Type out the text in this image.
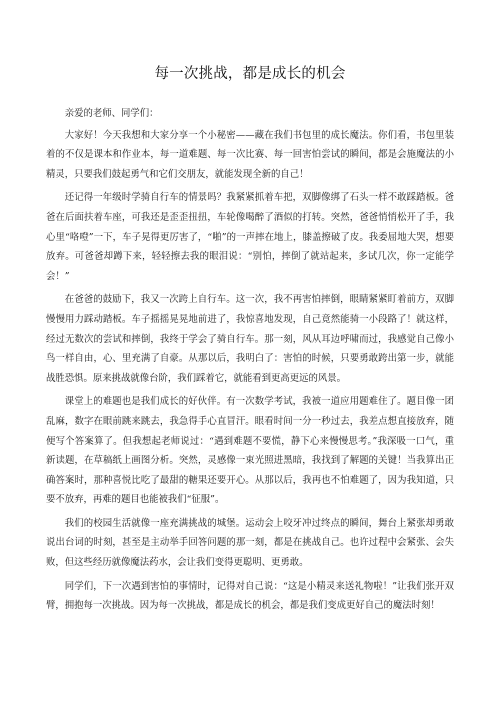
每一次挑战，都是成长的机会

亲爱的老师、同学们：

大家好！今天我想和大家分享一个小秘密——藏在我们书包里的成长魔法。你们看，书包里装着的不仅是课本和作业本，每一道难题、每一次比赛、每一回害怕尝试的瞬间，都是会施魔法的小精灵，只要我们鼓起勇气和它们交朋友，就能发现全新的自己！

还记得一年级时学骑自行车的情景吗？我紧紧抓着车把，双脚像绑了石头一样不敢踩踏板。爸爸在后面扶着车座，可我还是歪歪扭扭，车轮像喝醉了酒似的打转。突然，爸爸悄悄松开了手，我心里“咯噔”一下，车子晃得更厉害了，“啪”的一声摔在地上，膝盖擦破了皮。我委屈地大哭，想要放弃。可爸爸却蹲下来，轻轻擦去我的眼泪说：“别怕，摔倒了就站起来，多试几次，你一定能学会！”

在爸爸的鼓励下，我又一次跨上自行车。这一次，我不再害怕摔倒，眼睛紧紧盯着前方，双脚慢慢用力踩动踏板。车子摇摇晃晃地前进了，我惊喜地发现，自己竟然能骑一小段路了！就这样，经过无数次的尝试和摔倒，我终于学会了骑自行车。那一刻，风从耳边呼啸而过，我感觉自己像小鸟一样自由，心、里充满了自豪。从那以后，我明白了：害怕的时候，只要勇敢跨出第一步，就能战胜恐惧。原来挑战就像台阶，我们踩着它，就能看到更高更远的风景。

课堂上的难题也是我们成长的好伙伴。有一次数学考试，我被一道应用题难住了。题目像一团乱麻，数字在眼前跳来跳去，我急得手心直冒汗。眼看时间一分一秒过去，我差点想直接放弃，随便写个答案算了。但我想起老师说过：“遇到难题不要慌，静下心来慢慢思考。”我深吸一口气，重新读题，在草稿纸上画图分析。突然，灵感像一束光照进黑暗，我找到了解题的关键！当我算出正确答案时，那种喜悦比吃了最甜的糖果还要开心。从那以后，我再也不怕难题了，因为我知道，只要不放弃，再难的题目也能被我们“征服”。

我们的校园生活就像一座充满挑战的城堡。运动会上咬牙冲过终点的瞬间，舞台上紧张却勇敢说出台词的时刻，甚至是主动举手回答问题的那一刻，都是在挑战自己。也许过程中会紧张、会失败，但这些经历就像魔法药水，会让我们变得更聪明、更勇敢。

同学们，下一次遇到害怕的事情时，记得对自己说：“这是小精灵来送礼物啦！”让我们张开双臂，拥抱每一次挑战。因为每一次挑战，都是成长的机会，都是我们变成更好自己的魔法时刻！
